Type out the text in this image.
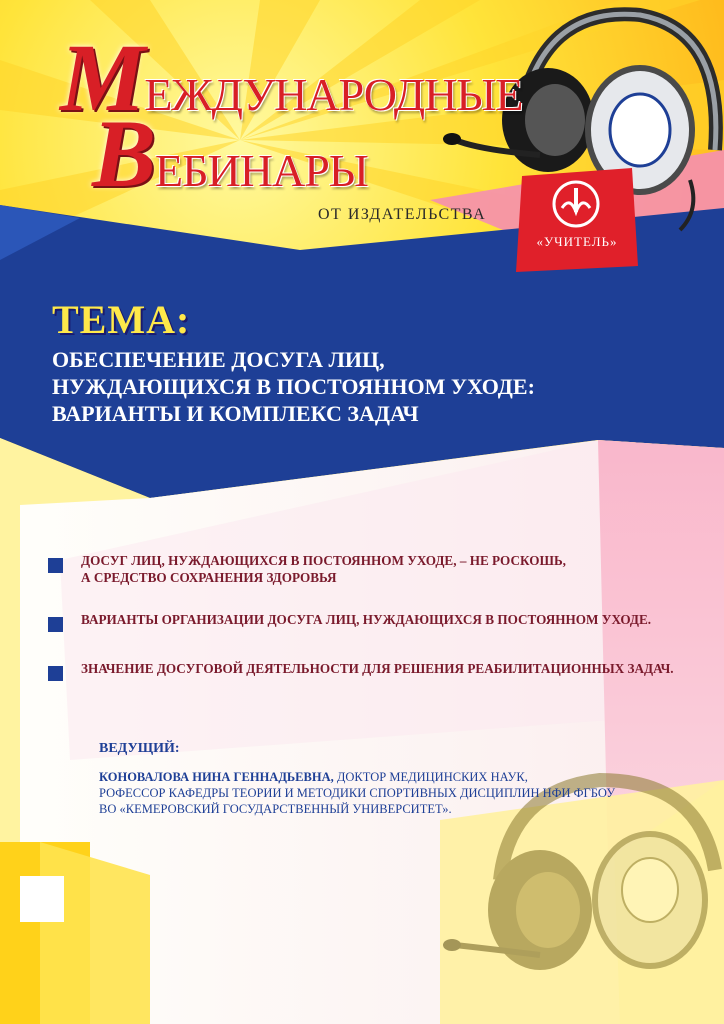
МЕЖДУНАРОДНЫЕ
ВЕБИНАРЫ
ОТ ИЗДАТЕЛЬСТВА
«УЧИТЕЛЬ»
ТЕМА:
ОБЕСПЕЧЕНИЕ ДОСУГА ЛИЦ,
НУЖДАЮЩИХСЯ В ПОСТОЯННОМ УХОДЕ:
ВАРИАНТЫ И КОМПЛЕКС ЗАДАЧ
ДОСУГ ЛИЦ, НУЖДАЮЩИХСЯ В ПОСТОЯННОМ УХОДЕ, – НЕ РОСКОШЬ,
А СРЕДСТВО СОХРАНЕНИЯ ЗДОРОВЬЯ
ВАРИАНТЫ ОРГАНИЗАЦИИ ДОСУГА ЛИЦ, НУЖДАЮЩИХСЯ В ПОСТОЯННОМ УХОДЕ.
ЗНАЧЕНИЕ ДОСУГОВОЙ ДЕЯТЕЛЬНОСТИ ДЛЯ РЕШЕНИЯ РЕАБИЛИТАЦИОННЫХ ЗАДАЧ.
ВЕДУЩИЙ:
КОНОВАЛОВА НИНА ГЕННАДЬЕВНА, ДОКТОР МЕДИЦИНСКИХ НАУК,
РОФЕССОР КАФЕДРЫ ТЕОРИИ И МЕТОДИКИ СПОРТИВНЫХ ДИСЦИПЛИН НФИ ФГБОУ
ВО «КЕМЕРОВСКИЙ ГОСУДАРСТВЕННЫЙ УНИВЕРСИТЕТ».
